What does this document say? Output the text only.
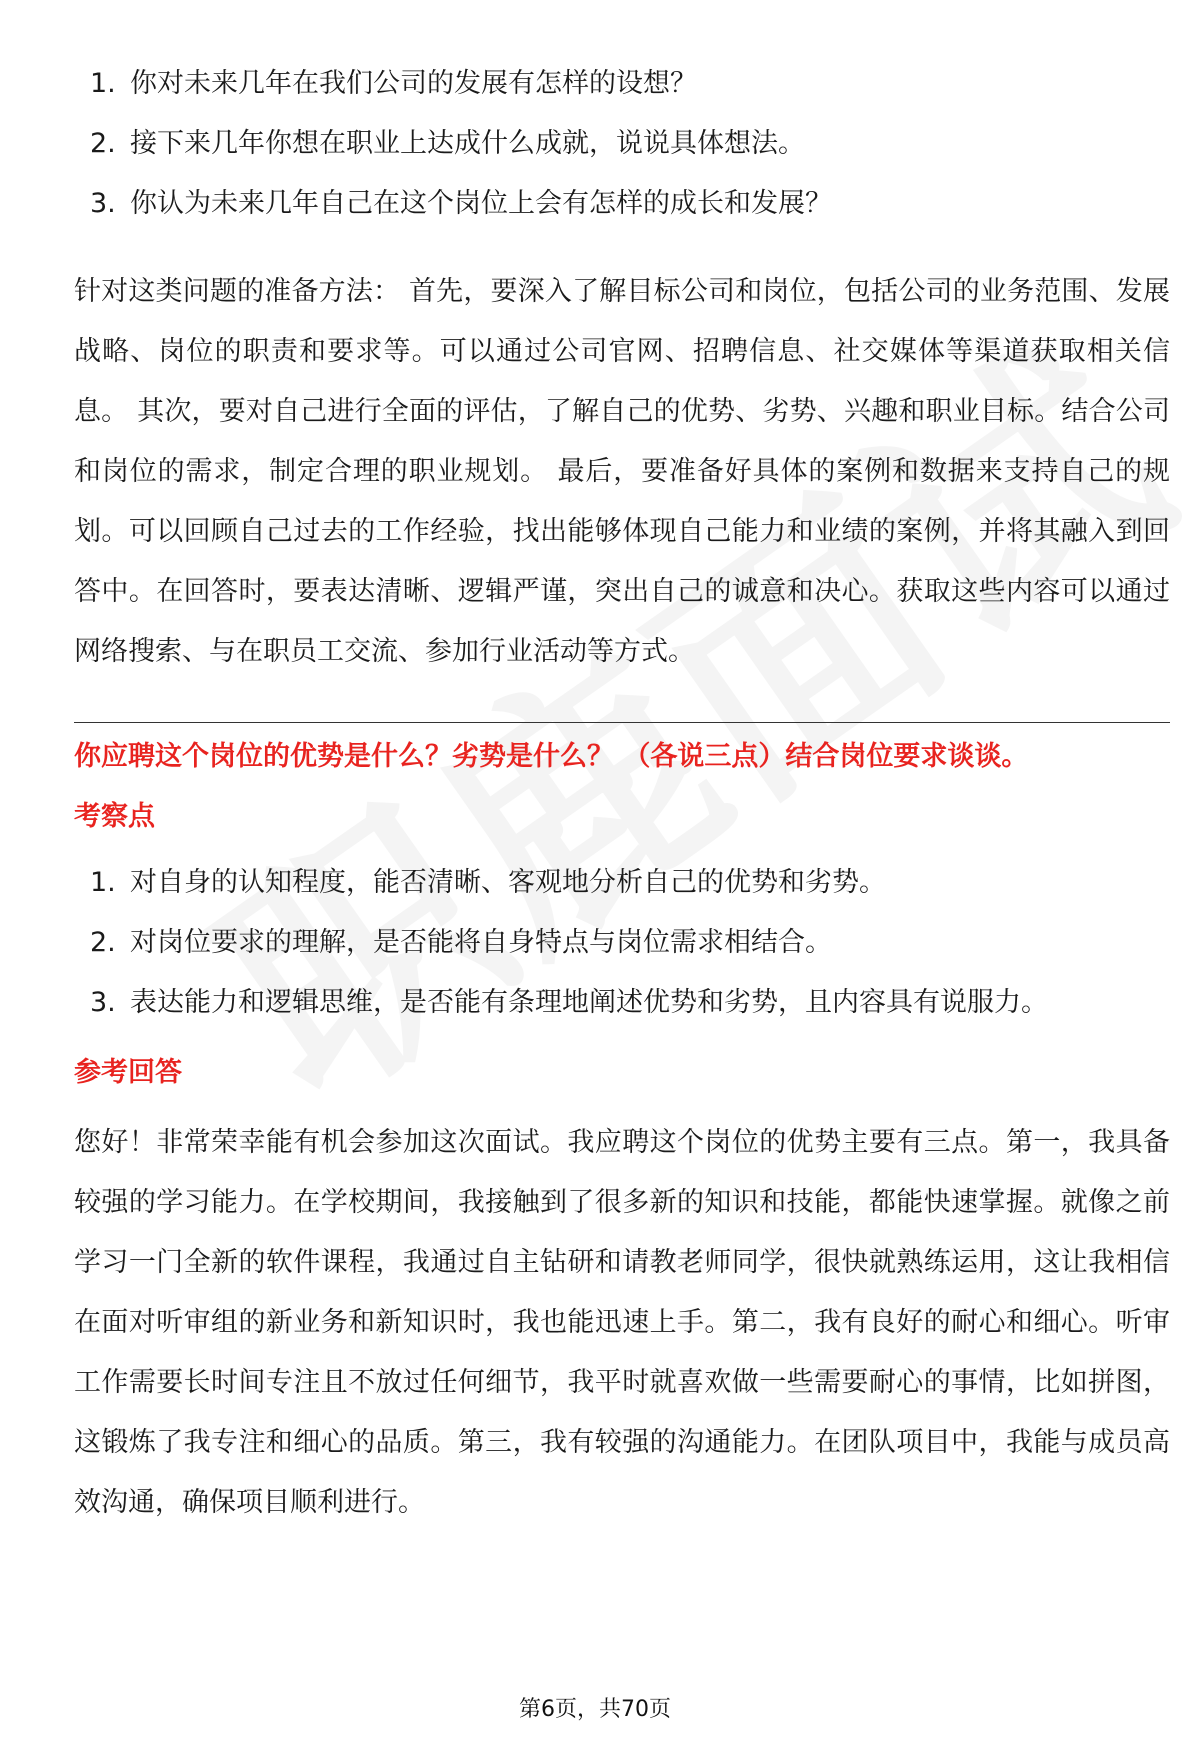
1. 你对未来几年在我们公司的发展有怎样的设想？
2. 接下来几年你想在职业上达成什么成就，说说具体想法。
3. 你认为未来几年自己在这个岗位上会有怎样的成长和发展？

针对这类问题的准备方法： 首先，要深入了解目标公司和岗位，包括公司的业务范围、发展战略、岗位的职责和要求等。可以通过公司官网、招聘信息、社交媒体等渠道获取相关信息。 其次，要对自己进行全面的评估，了解自己的优势、劣势、兴趣和职业目标。结合公司和岗位的需求，制定合理的职业规划。 最后，要准备好具体的案例和数据来支持自己的规划。可以回顾自己过去的工作经验，找出能够体现自己能力和业绩的案例，并将其融入到回答中。在回答时，要表达清晰、逻辑严谨，突出自己的诚意和决心。获取这些内容可以通过网络搜索、与在职员工交流、参加行业活动等方式。

你应聘这个岗位的优势是什么？劣势是什么？ （各说三点）结合岗位要求谈谈。
考察点
1. 对自身的认知程度，能否清晰、客观地分析自己的优势和劣势。
2. 对岗位要求的理解，是否能将自身特点与岗位需求相结合。
3. 表达能力和逻辑思维，是否能有条理地阐述优势和劣势，且内容具有说服力。
参考回答

您好！非常荣幸能有机会参加这次面试。我应聘这个岗位的优势主要有三点。第一，我具备较强的学习能力。在学校期间，我接触到了很多新的知识和技能，都能快速掌握。就像之前学习一门全新的软件课程，我通过自主钻研和请教老师同学，很快就熟练运用，这让我相信在面对听审组的新业务和新知识时，我也能迅速上手。第二，我有良好的耐心和细心。听审工作需要长时间专注且不放过任何细节，我平时就喜欢做一些需要耐心的事情，比如拼图，这锻炼了我专注和细心的品质。第三，我有较强的沟通能力。在团队项目中，我能与成员高效沟通，确保项目顺利进行。

第6页，共70页
